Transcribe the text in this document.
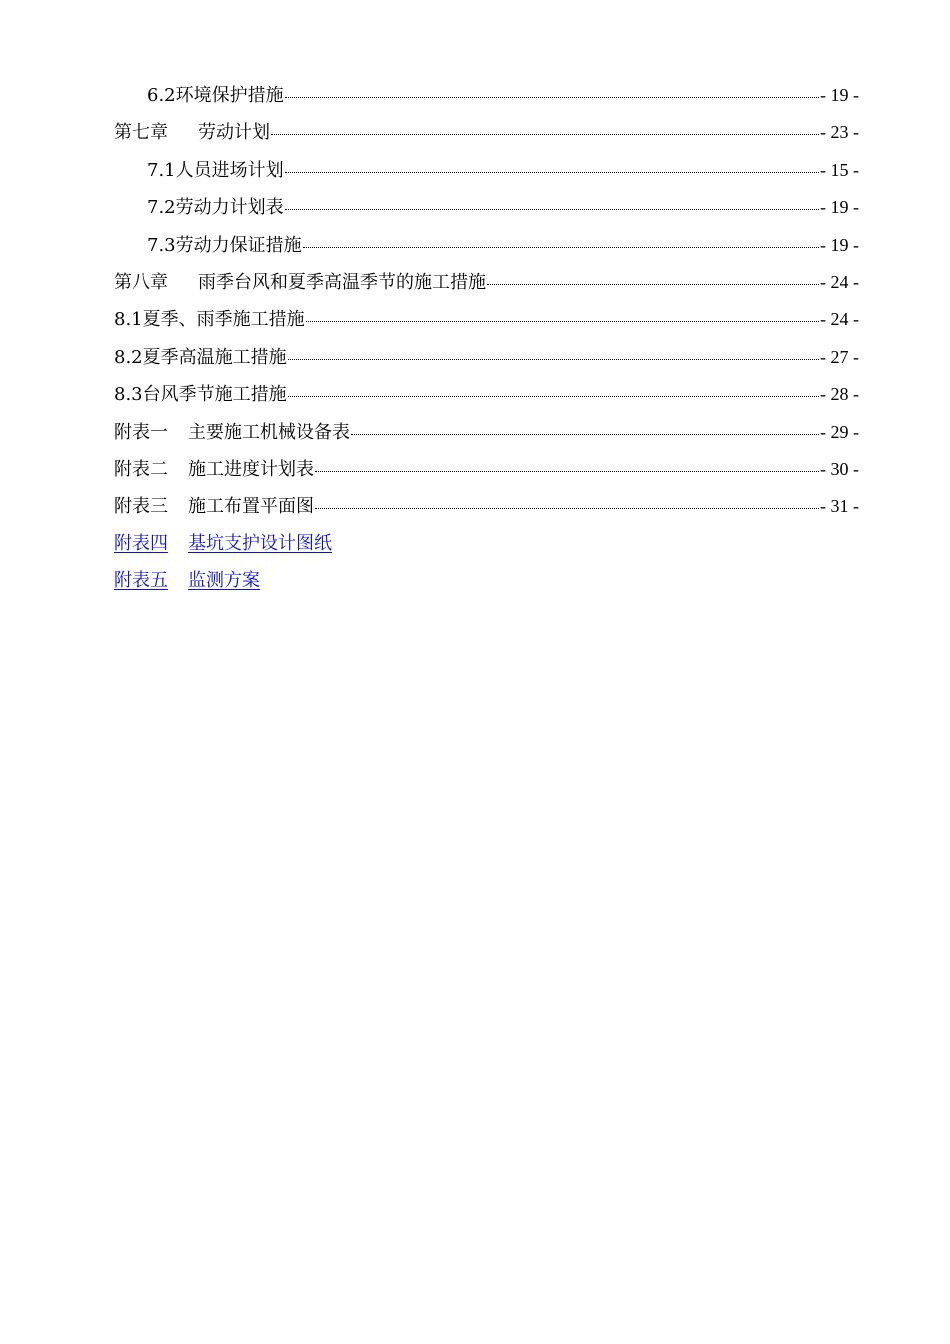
6.2环境保护措施	- 19 -
第七章 劳动计划	- 23 -
7.1人员进场计划	- 15 -
7.2劳动力计划表	- 19 -
7.3劳动力保证措施	- 19 -
第八章 雨季台风和夏季高温季节的施工措施	- 24 -
8.1夏季、雨季施工措施	- 24 -
8.2夏季高温施工措施	- 27 -
8.3台风季节施工措施	- 28 -
附表一 主要施工机械设备表	- 29 -
附表二 施工进度计划表	- 30 -
附表三 施工布置平面图	- 31 -
附表四 基坑支护设计图纸
附表五 监测方案
